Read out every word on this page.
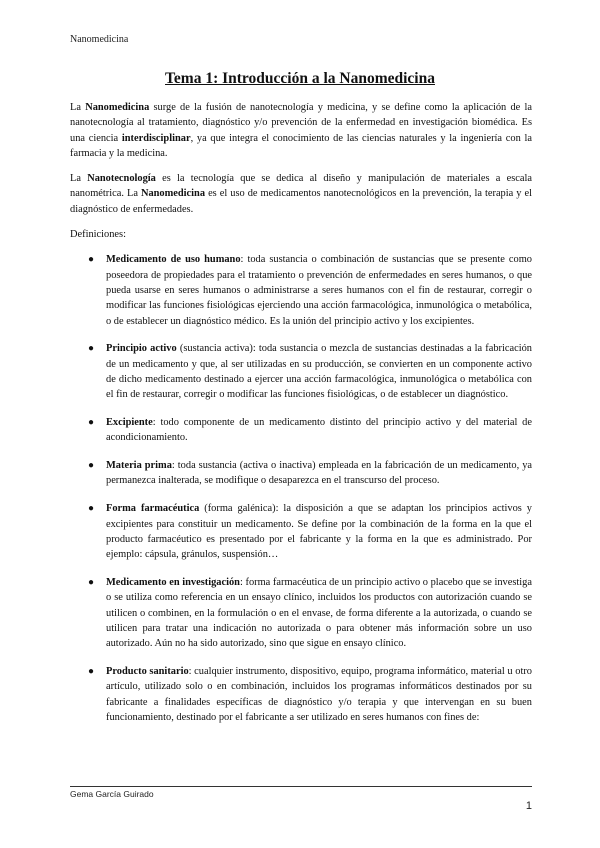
Nanomedicina
Tema 1: Introducción a la Nanomedicina

La Nanomedicina surge de la fusión de nanotecnología y medicina, y se define como la aplicación de la nanotecnología al tratamiento, diagnóstico y/o prevención de la enfermedad en investigación biomédica. Es una ciencia interdisciplinar, ya que integra el conocimiento de las ciencias naturales y la ingeniería con la farmacia y la medicina.

La Nanotecnología es la tecnología que se dedica al diseño y manipulación de materiales a escala nanométrica. La Nanomedicina es el uso de medicamentos nanotecnológicos en la prevención, la terapia y el diagnóstico de enfermedades.

Definiciones:

● Medicamento de uso humano: toda sustancia o combinación de sustancias que se presente como poseedora de propiedades para el tratamiento o prevención de enfermedades en seres humanos, o que pueda usarse en seres humanos o administrarse a seres humanos con el fin de restaurar, corregir o modificar las funciones fisiológicas ejerciendo una acción farmacológica, inmunológica o metabólica, o de establecer un diagnóstico médico. Es la unión del principio activo y los excipientes.
● Principio activo (sustancia activa): toda sustancia o mezcla de sustancias destinadas a la fabricación de un medicamento y que, al ser utilizadas en su producción, se convierten en un componente activo de dicho medicamento destinado a ejercer una acción farmacológica, inmunológica o metabólica con el fin de restaurar, corregir o modificar las funciones fisiológicas, o de establecer un diagnóstico.
● Excipiente: todo componente de un medicamento distinto del principio activo y del material de acondicionamiento.
● Materia prima: toda sustancia (activa o inactiva) empleada en la fabricación de un medicamento, ya permanezca inalterada, se modifique o desaparezca en el transcurso del proceso.
● Forma farmacéutica (forma galénica): la disposición a que se adaptan los principios activos y excipientes para constituir un medicamento. Se define por la combinación de la forma en la que el producto farmacéutico es presentado por el fabricante y la forma en la que es administrado. Por ejemplo: cápsula, gránulos, suspensión…
● Medicamento en investigación: forma farmacéutica de un principio activo o placebo que se investiga o se utiliza como referencia en un ensayo clínico, incluidos los productos con autorización cuando se utilicen o combinen, en la formulación o en el envase, de forma diferente a la autorizada, o cuando se utilicen para tratar una indicación no autorizada o para obtener más información sobre un uso autorizado. Aún no ha sido autorizado, sino que sigue en ensayo clínico.
● Producto sanitario: cualquier instrumento, dispositivo, equipo, programa informático, material u otro artículo, utilizado solo o en combinación, incluidos los programas informáticos destinados por su fabricante a finalidades específicas de diagnóstico y/o terapia y que intervengan en su buen funcionamiento, destinado por el fabricante a ser utilizado en seres humanos con fines de:
Gema García Guirado
1
